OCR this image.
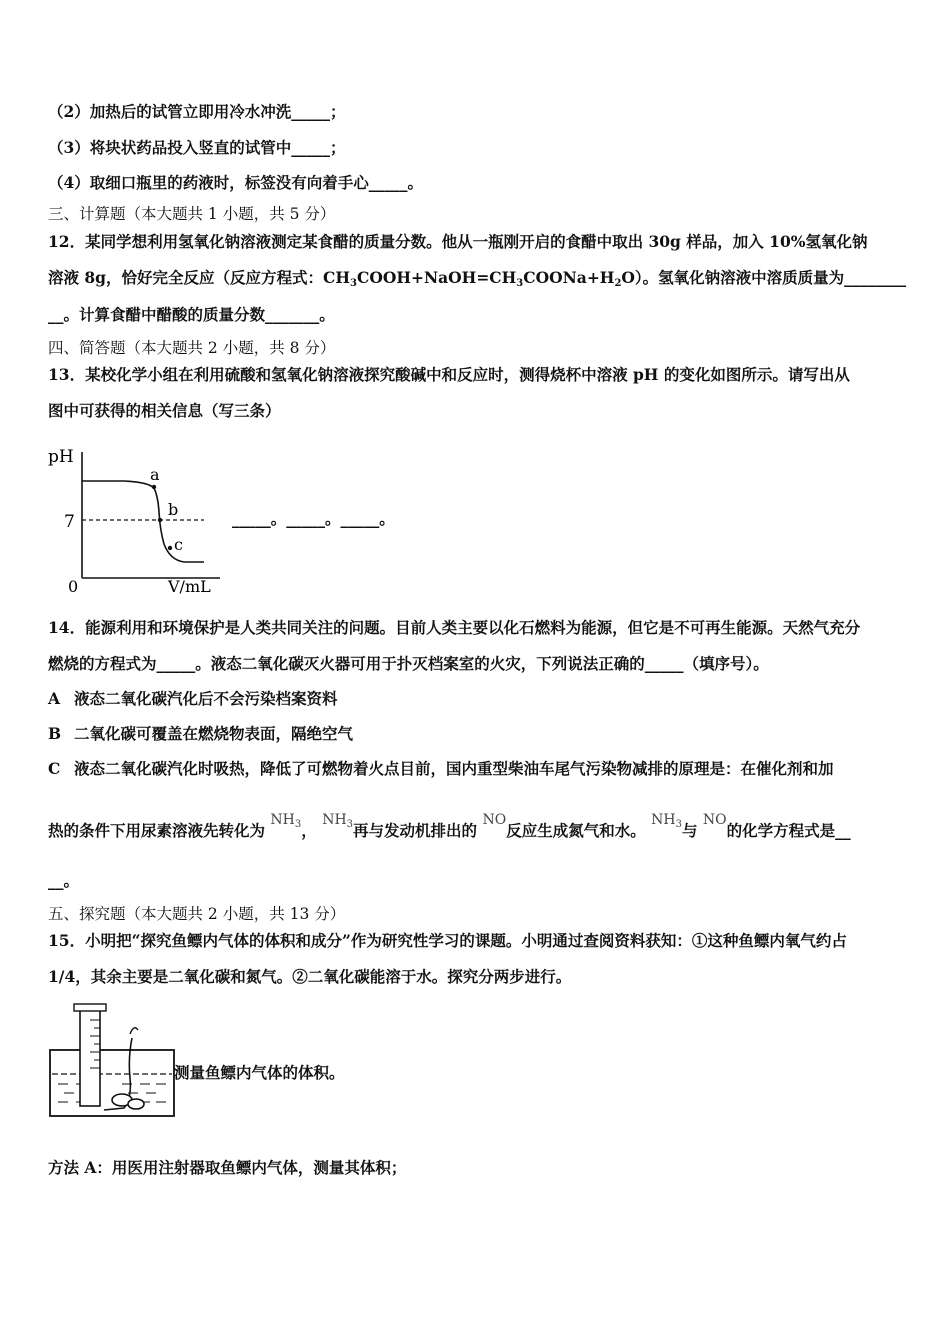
（2）加热后的试管立即用冷水冲洗_____；
（3）将块状药品投入竖直的试管中_____；
（4）取细口瓶里的药液时，标签没有向着手心_____。
三、计算题（本大题共 1 小题，共 5 分）
12．某同学想利用氢氧化钠溶液测定某食醋的质量分数。他从一瓶刚开启的食醋中取出 30g 样品，加入 10%氢氧化钠
溶液 8g，恰好完全反应（反应方程式：CH3COOH+NaOH=CH3COONa+H2O）。氢氧化钠溶液中溶质质量为________
__。计算食醋中醋酸的质量分数_______。
四、简答题（本大题共 2 小题，共 8 分）
13．某校化学小组在利用硫酸和氢氧化钠溶液探究酸碱中和反应时，测得烧杯中溶液 pH 的变化如图所示。请写出从
图中可获得的相关信息（写三条）
pH
V/mL
0
7
a
b
c
_____。_____。_____。
14．能源利用和环境保护是人类共同关注的问题。目前人类主要以化石燃料为能源，但它是不可再生能源。天然气充分
燃烧的方程式为_____。液态二氧化碳灭火器可用于扑灭档案室的火灾，下列说法正确的_____（填序号）。
A 液态二氧化碳汽化后不会污染档案资料
B 二氧化碳可覆盖在燃烧物表面，隔绝空气
C 液态二氧化碳汽化时吸热，降低了可燃物着火点目前，国内重型柴油车尾气污染物减排的原理是：在催化剂和加
热的条件下用尿素溶液先转化为 $NH_3$， $NH_3$再与发动机排出的 NO反应生成氮气和水。 $NH_3$与 NO的化学方程式是__
__。
五、探究题（本大题共 2 小题，共 13 分）
15．小明把“探究鱼鳔内气体的体积和成分”作为研究性学习的课题。小明通过查阅资料获知：①这种鱼鳔内氧气约占
1/4，其余主要是二氧化碳和氮气。②二氧化碳能溶于水。探究分两步进行。
测量鱼鳔内气体的体积。
方法 A：用医用注射器取鱼鳔内气体，测量其体积；
